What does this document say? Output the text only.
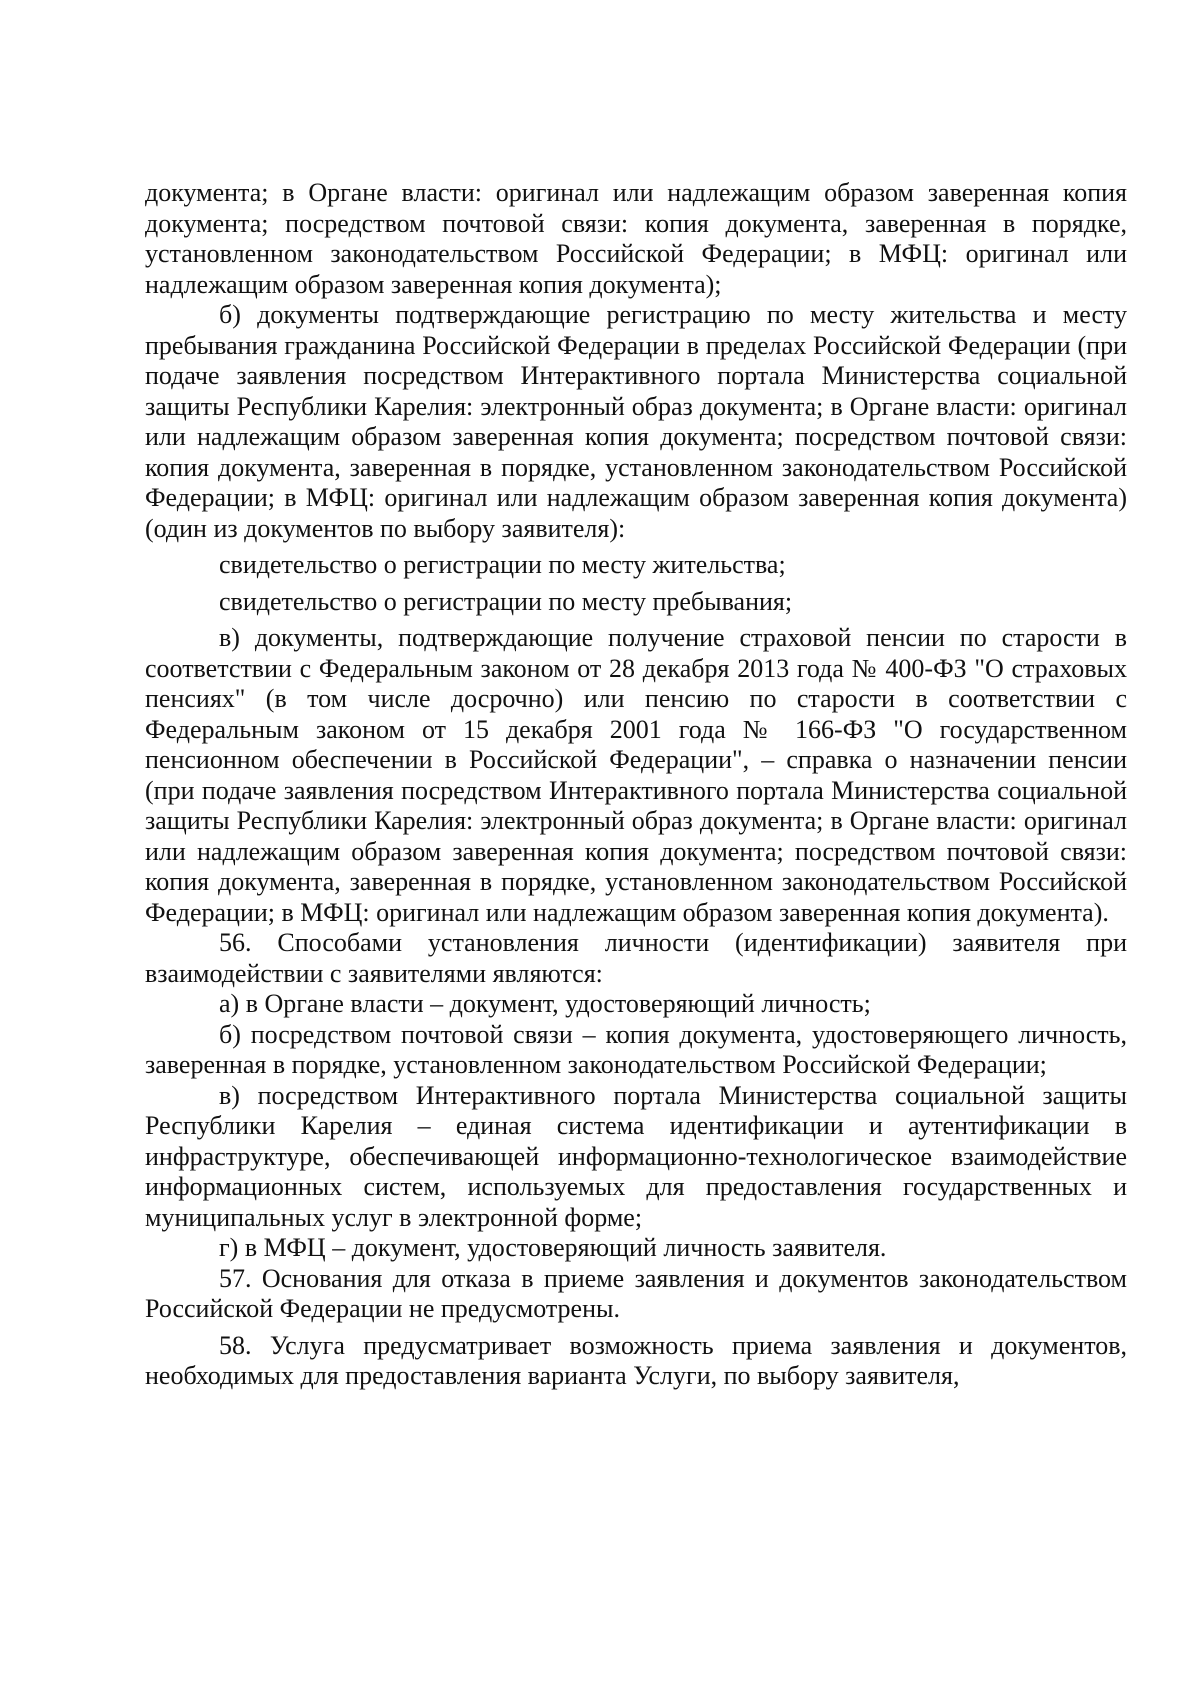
документа; в Органе власти: оригинал или надлежащим образом заверенная копия документа; посредством почтовой связи: копия документа, заверенная в порядке, установленном законодательством Российской Федерации; в МФЦ: оригинал или надлежащим образом заверенная копия документа);

б) документы подтверждающие регистрацию по месту жительства и месту пребывания гражданина Российской Федерации в пределах Российской Федерации (при подаче заявления посредством Интерактивного портала Министерства социальной защиты Республики Карелия: электронный образ документа; в Органе власти: оригинал или надлежащим образом заверенная копия документа; посредством почтовой связи: копия документа, заверенная в порядке, установленном законодательством Российской Федерации; в МФЦ: оригинал или надлежащим образом заверенная копия документа) (один из документов по выбору заявителя):

свидетельство о регистрации по месту жительства;

свидетельство о регистрации по месту пребывания;

в) документы, подтверждающие получение страховой пенсии по старости в соответствии с Федеральным законом от 28 декабря 2013 года № 400-ФЗ "О страховых пенсиях" (в том числе досрочно) или пенсию по старости в соответствии с Федеральным законом от 15 декабря 2001 года № 166-ФЗ "О государственном пенсионном обеспечении в Российской Федерации", – справка о назначении пенсии (при подаче заявления посредством Интерактивного портала Министерства социальной защиты Республики Карелия: электронный образ документа; в Органе власти: оригинал или надлежащим образом заверенная копия документа; посредством почтовой связи: копия документа, заверенная в порядке, установленном законодательством Российской Федерации; в МФЦ: оригинал или надлежащим образом заверенная копия документа).

56. Способами установления личности (идентификации) заявителя при взаимодействии с заявителями являются:

а) в Органе власти – документ, удостоверяющий личность;

б) посредством почтовой связи – копия документа, удостоверяющего личность, заверенная в порядке, установленном законодательством Российской Федерации;

в) посредством Интерактивного портала Министерства социальной защиты Республики Карелия – единая система идентификации и аутентификации в инфраструктуре, обеспечивающей информационно-технологическое взаимодействие информационных систем, используемых для предоставления государственных и муниципальных услуг в электронной форме;

г) в МФЦ – документ, удостоверяющий личность заявителя.

57. Основания для отказа в приеме заявления и документов законодательством Российской Федерации не предусмотрены.

58. Услуга предусматривает возможность приема заявления и документов, необходимых для предоставления варианта Услуги, по выбору заявителя,
